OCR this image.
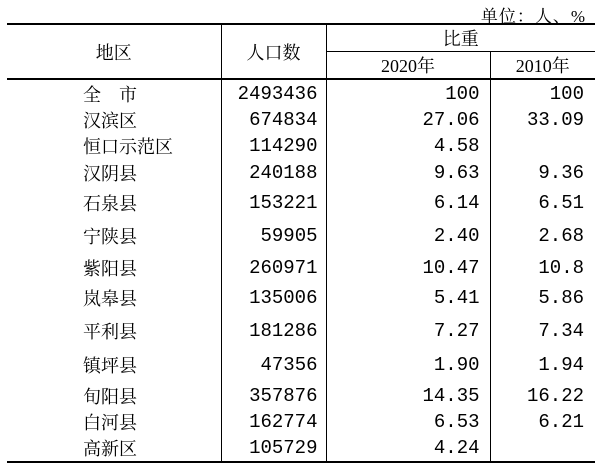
单位：人、%
地区	人口数	比重	
		2020年	2010年
全　市	2493436	100	100
汉滨区	674834	27.06	33.09
恒口示范区	114290	4.58	
汉阴县	240188	9.63	9.36
石泉县	153221	6.14	6.51
宁陕县	59905	2.40	2.68
紫阳县	260971	10.47	10.8
岚皋县	135006	5.41	5.86
平利县	181286	7.27	7.34
镇坪县	47356	1.90	1.94
旬阳县	357876	14.35	16.22
白河县	162774	6.53	6.21
高新区	105729	4.24	
